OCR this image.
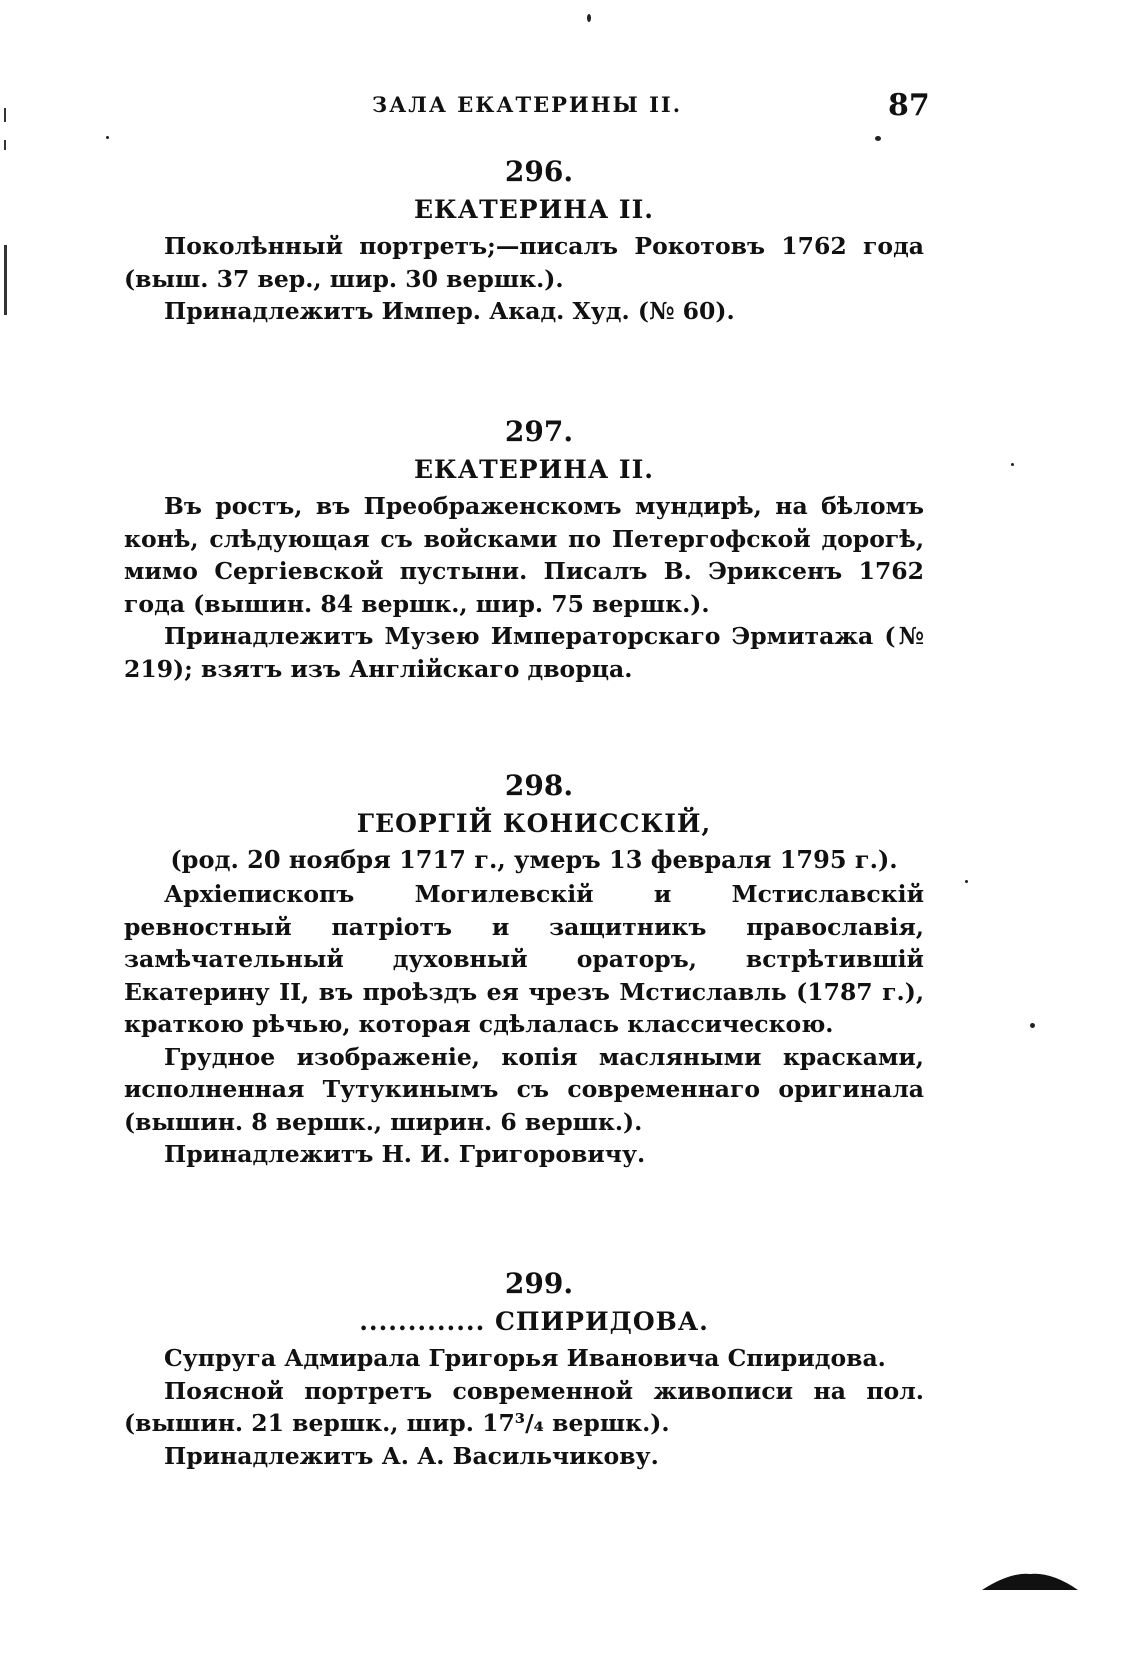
ЗАЛА ЕКАТЕРИНЫ II.	87
296.
ЕКАТЕРИНА II.

Поколѣнный портретъ;—писалъ Рокотовъ 1762 года (выш. 37 вер., шир. 30 вершк.).

Принадлежитъ Импер. Акад. Худ. (№ 60).

297.
ЕКАТЕРИНА II.

Въ ростъ, въ Преображенскомъ мундирѣ, на бѣломъ конѣ, слѣдующая съ войсками по Петергофской дорогѣ, мимо Сергіевской пустыни. Писалъ В. Эриксенъ 1762 года (вышин. 84 вершк., шир. 75 вершк.).

Принадлежитъ Музею Императорскаго Эрмитажа (№ 219); взятъ изъ Англійскаго дворца.

298.
ГЕОРГІЙ КОНИССКІЙ,
(род. 20 ноября 1717 г., умеръ 13 февраля 1795 г.).

Архіепископъ Могилевскій и Мстиславскій ревностный патріотъ и защитникъ православія, замѣчательный духовный ораторъ, встрѣтившій Екатерину II, въ проѣздъ ея чрезъ Мстиславль (1787 г.), краткою рѣчью, которая сдѣлалась классическою.

Грудное изображеніе, копія масляными красками, исполненная Тутукинымъ съ современнаго оригинала (вышин. 8 вершк., ширин. 6 вершк.).

Принадлежитъ Н. И. Григоровичу.

299.
............. СПИРИДОВА.

Супруга Адмирала Григорья Ивановича Спиридова.

Поясной портретъ современной живописи на пол. (вышин. 21 вершк., шир. 17³/₄ вершк.).

Принадлежитъ А. А. Васильчикову.
